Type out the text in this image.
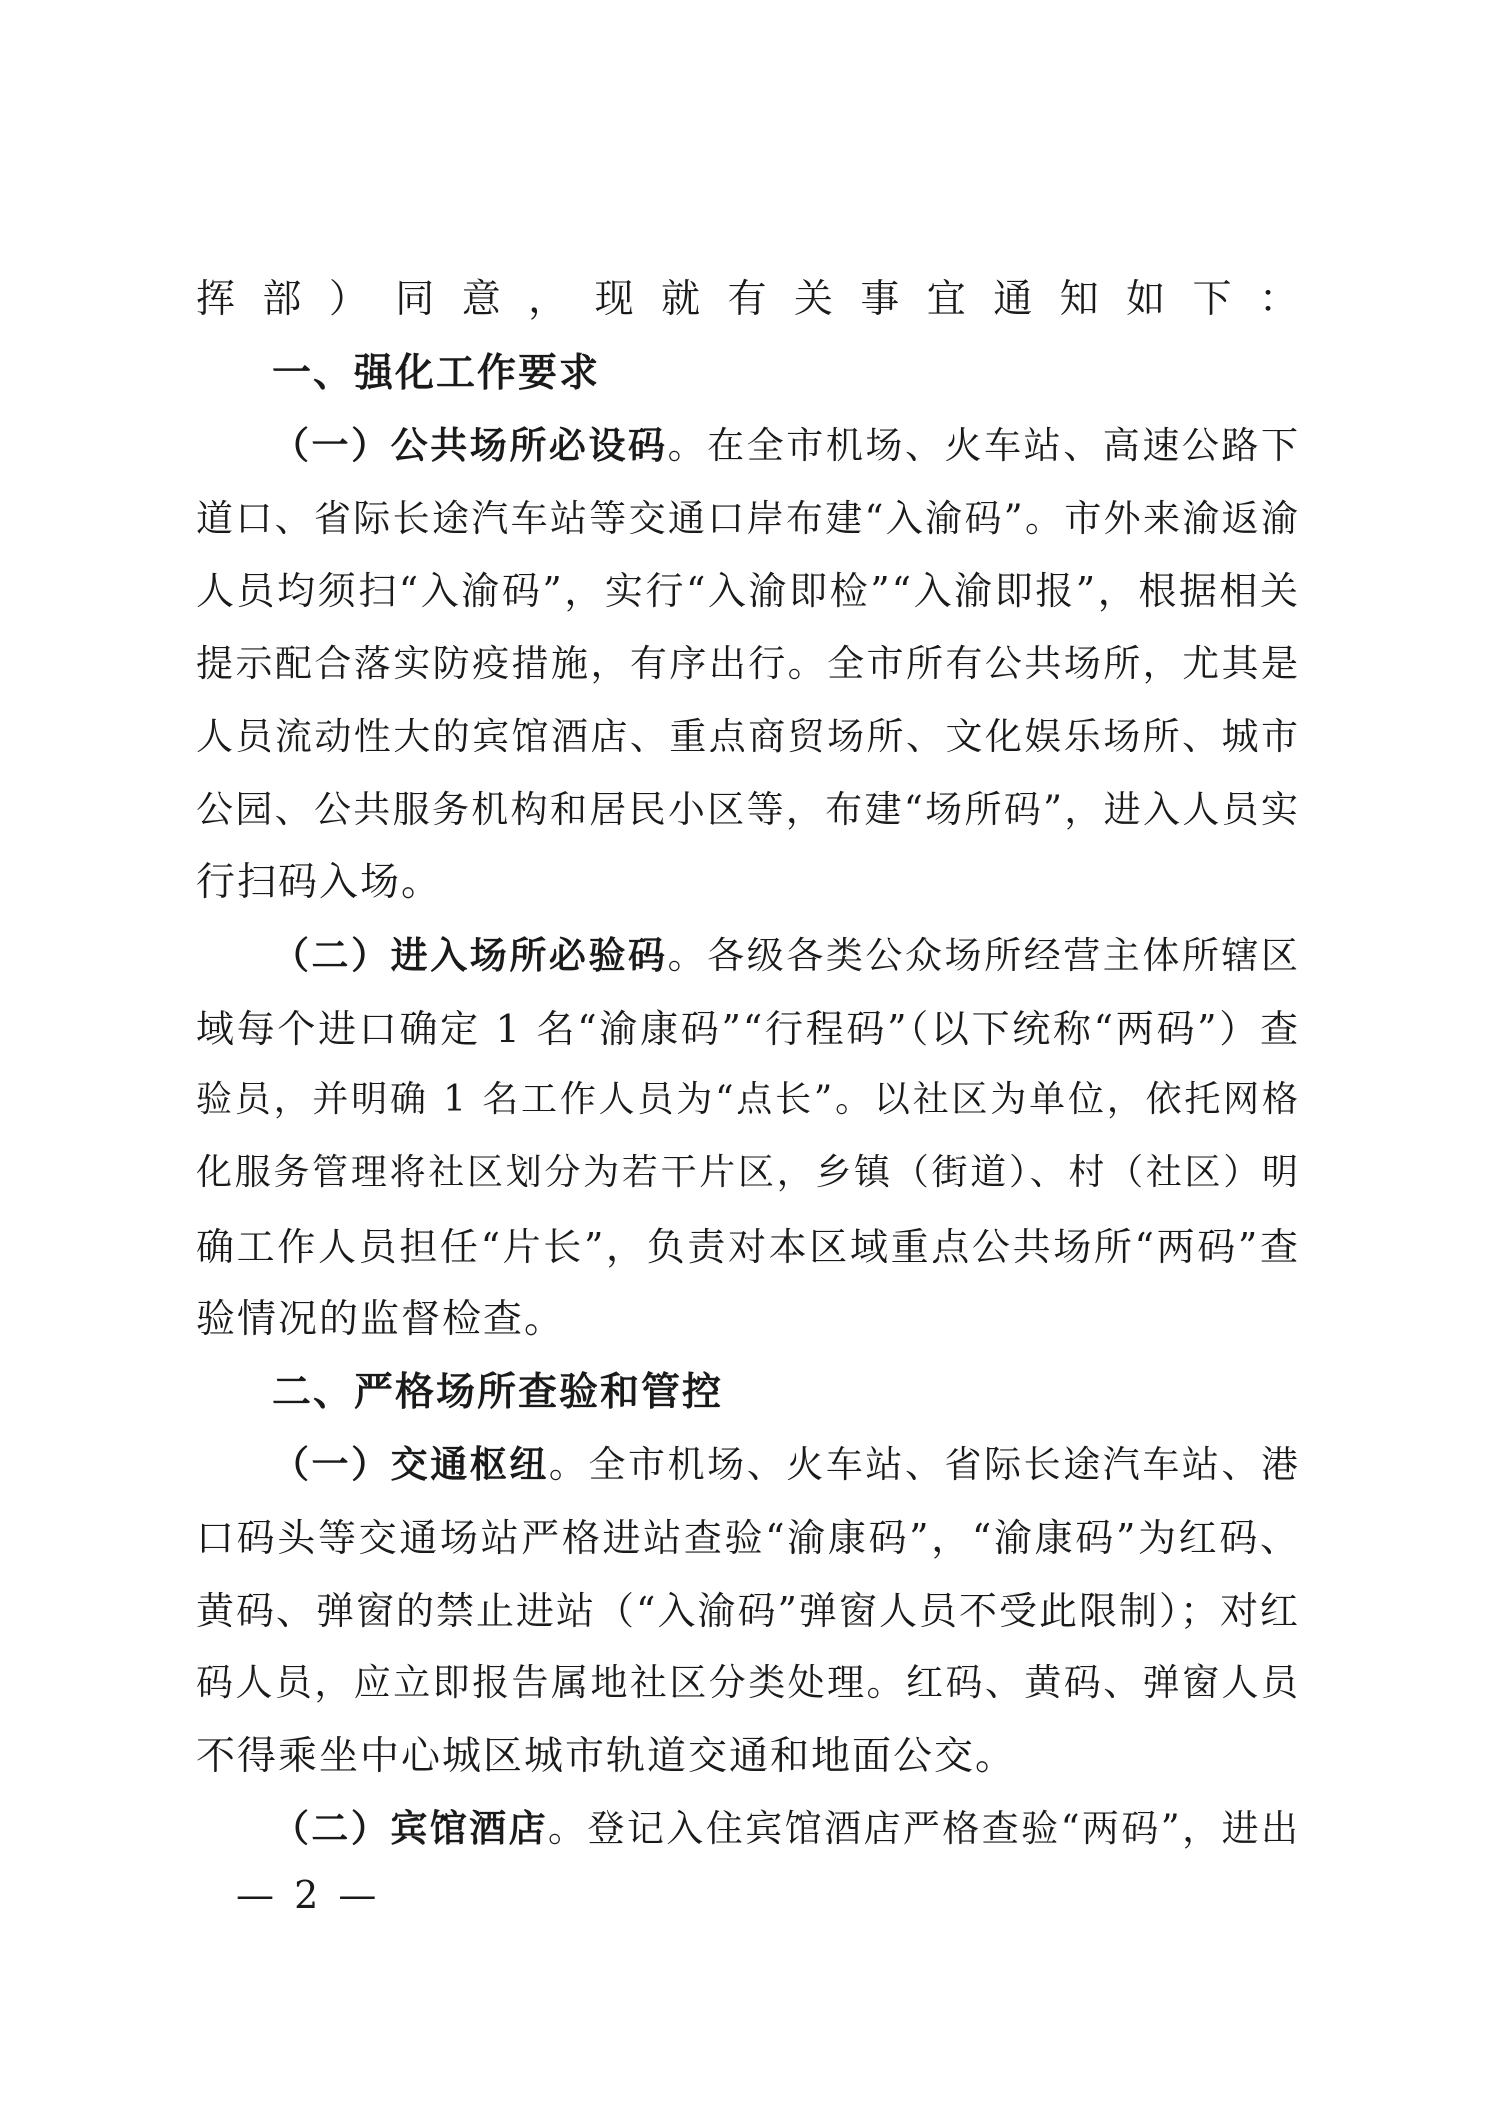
挥部）同意，现就有关事宜通知如下：
一、强化工作要求
（一）公共场所必设码。在全市机场、火车站、高速公路下
道口、省际长途汽车站等交通口岸布建“入渝码”。市外来渝返渝
人员均须扫“入渝码”，实行“入渝即检”“入渝即报”，根据相关
提示配合落实防疫措施，有序出行。全市所有公共场所，尤其是
人员流动性大的宾馆酒店、重点商贸场所、文化娱乐场所、城市
公园、公共服务机构和居民小区等，布建“场所码”，进入人员实
行扫码入场。
（二）进入场所必验码。各级各类公众场所经营主体所辖区
域每个进口确定 1 名“渝康码”“行程码”（以下统称“两码”）查
验员，并明确 1 名工作人员为“点长”。以社区为单位，依托网格
化服务管理将社区划分为若干片区，乡镇（街道）、村（社区）明
确工作人员担任“片长”，负责对本区域重点公共场所“两码”查
验情况的监督检查。
二、严格场所查验和管控
（一）交通枢纽。全市机场、火车站、省际长途汽车站、港
口码头等交通场站严格进站查验“渝康码”，“渝康码”为红码、
黄码、弹窗的禁止进站（“入渝码”弹窗人员不受此限制）；对红
码人员，应立即报告属地社区分类处理。红码、黄码、弹窗人员
不得乘坐中心城区城市轨道交通和地面公交。
（二）宾馆酒店。登记入住宾馆酒店严格查验“两码”，进出
— 2 —
